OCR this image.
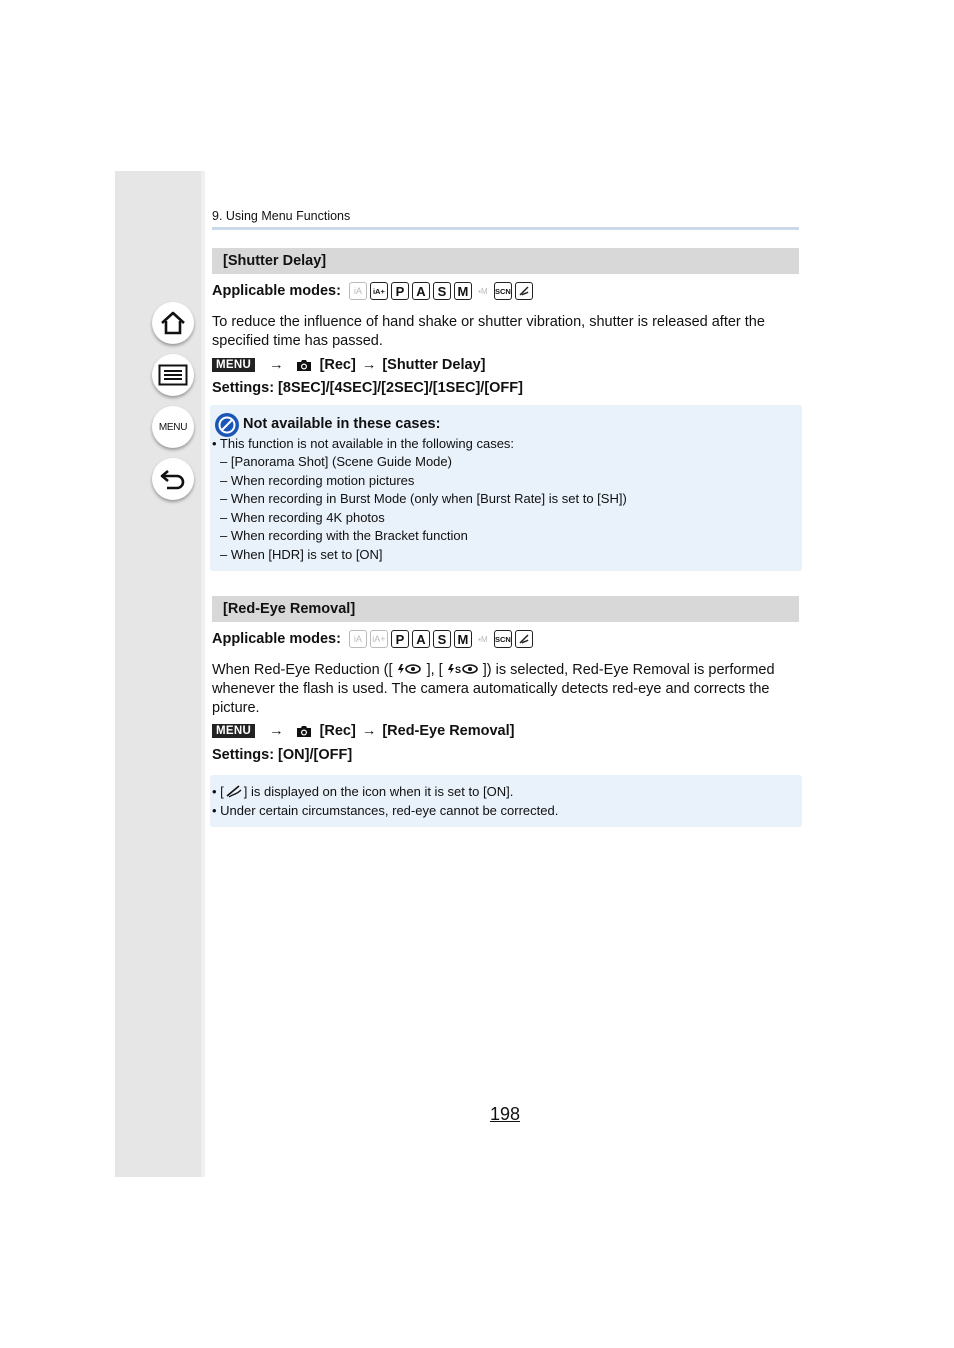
MENU
9. Using Menu Functions
[Shutter Delay]
Applicable modes:	iA	iA+ P A S M	▪M SCN
To reduce the influence of hand shake or shutter vibration, shutter is released after the
specified time has passed.
MENU → [Rec] → [Shutter Delay]
Settings: [8SEC]/[4SEC]/[2SEC]/[1SEC]/[OFF]
Not available in these cases:
• This function is not available in the following cases:
– [Panorama Shot] (Scene Guide Mode)
– When recording motion pictures
– When recording in Burst Mode (only when [Burst Rate] is set to [SH])
– When recording 4K photos
– When recording with the Bracket function
– When [HDR] is set to [ON]
[Red-Eye Removal]
Applicable modes:	iA	iA+ P A S M	▪M SCN
When Red-Eye Reduction ([ ], [ S ]) is selected, Red-Eye Removal is performed
whenever the flash is used. The camera automatically detects red-eye and corrects the
picture.
MENU → [Rec] → [Red-Eye Removal]
Settings: [ON]/[OFF]
• [ ] is displayed on the icon when it is set to [ON].
• Under certain circumstances, red-eye cannot be corrected.
198
